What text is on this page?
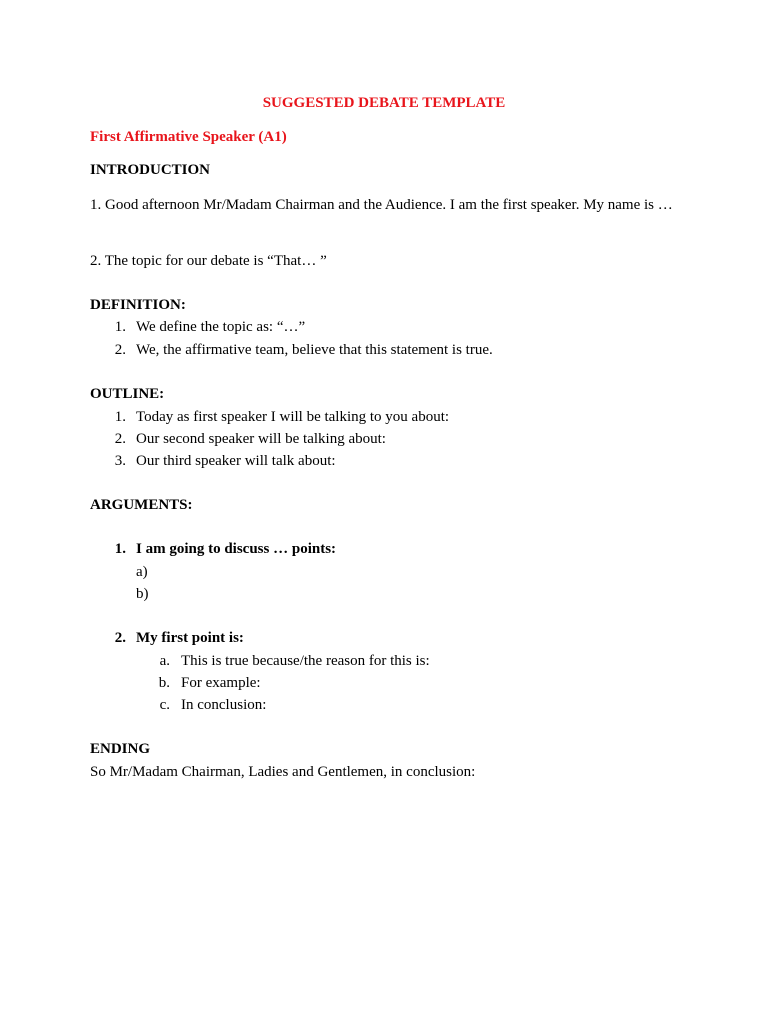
SUGGESTED DEBATE TEMPLATE
First Affirmative Speaker (A1)
INTRODUCTION
1. Good afternoon Mr/Madam Chairman and the Audience. I am the first speaker. My name is …
2. The topic for our debate is “That… ”
DEFINITION:
1. We define the topic as: “…”
2. We, the affirmative team, believe that this statement is true.
OUTLINE:
1. Today as first speaker I will be talking to you about:
2. Our second speaker will be talking about:
3. Our third speaker will talk about:
ARGUMENTS:
1. I am going to discuss … points:
a)
b)
2. My first point is:
a. This is true because/the reason for this is:
b. For example:
c. In conclusion:
ENDING
So Mr/Madam Chairman, Ladies and Gentlemen, in conclusion:
